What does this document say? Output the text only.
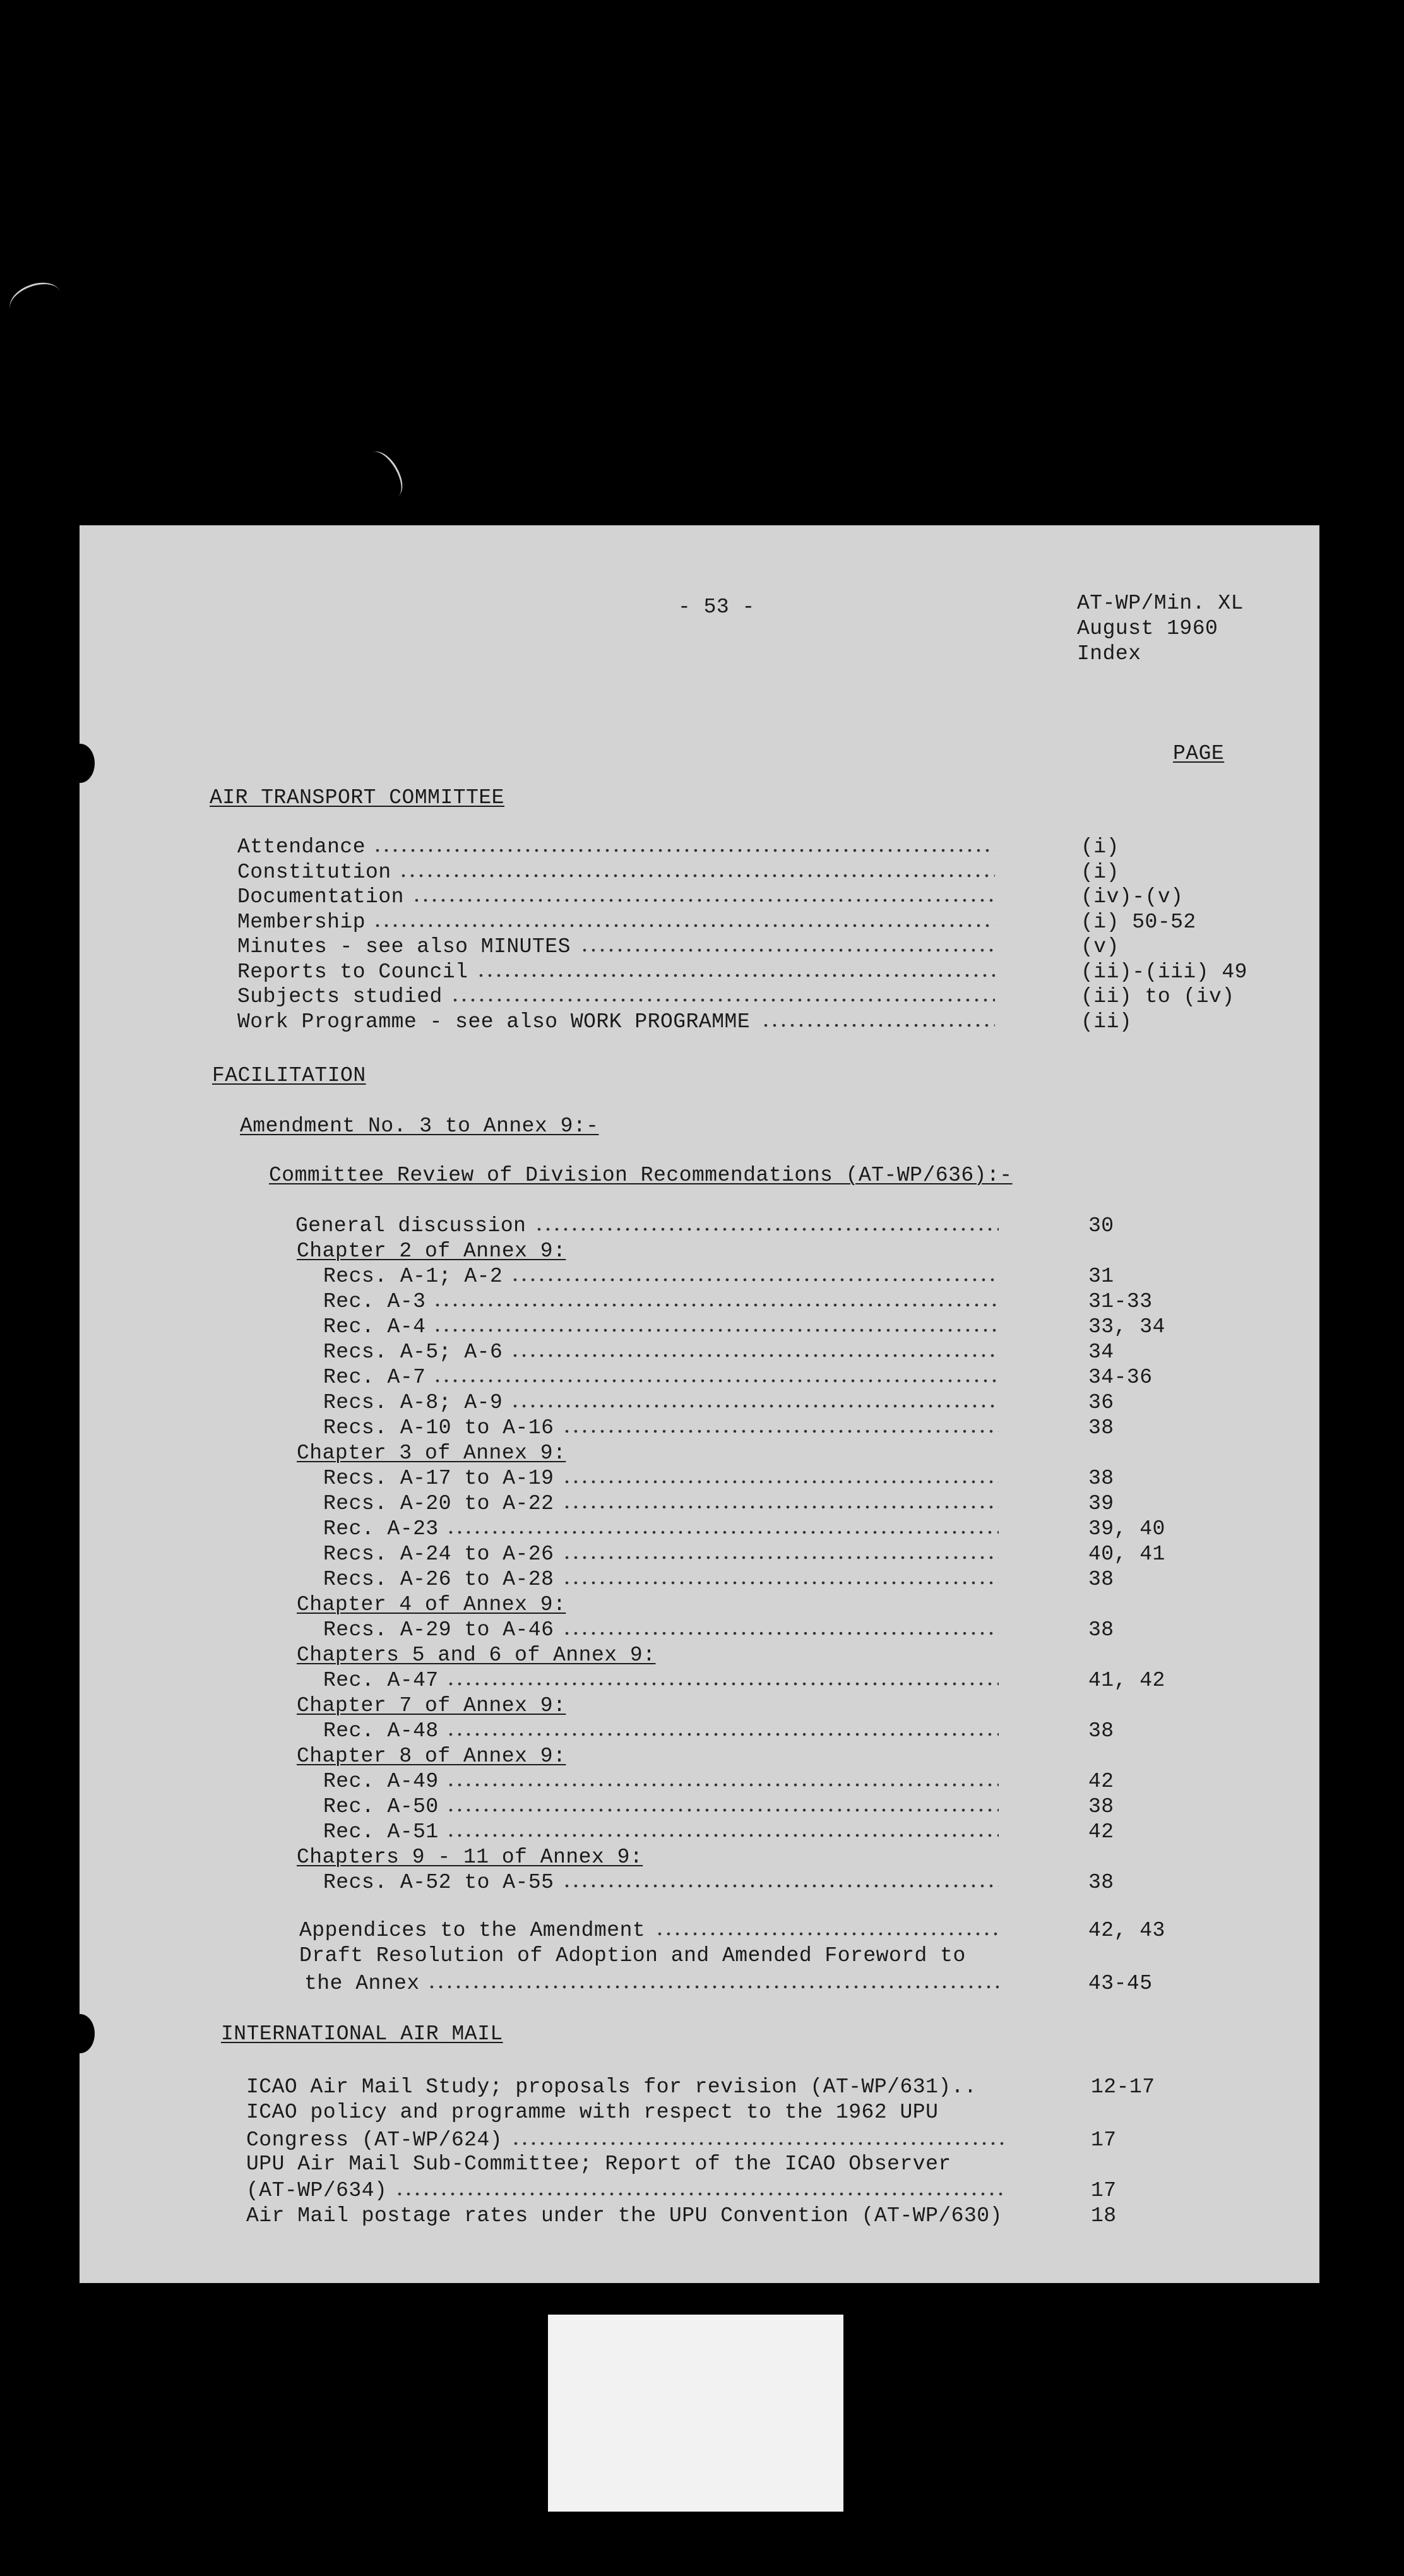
- 53 -	AT-WP/Min. XL
August 1960
Index
PAGE
AIR TRANSPORT COMMITTEE
Attendance	(i)
Constitution	(i)
Documentation	(iv)-(v)
Membership	(i) 50-52
Minutes - see also MINUTES	(v)
Reports to Council	(ii)-(iii) 49
Subjects studied	(ii) to (iv)
Work Programme - see also WORK PROGRAMME	(ii)
FACILITATION
Amendment No. 3 to Annex 9:-
Committee Review of Division Recommendations (AT-WP/636):-
General discussion	30
Chapter 2 of Annex 9:
Recs. A-1; A-2	31
Rec. A-3	31-33
Rec. A-4	33, 34
Recs. A-5; A-6	34
Rec. A-7	34-36
Recs. A-8; A-9	36
Recs. A-10 to A-16	38
Chapter 3 of Annex 9:
Recs. A-17 to A-19	38
Recs. A-20 to A-22	39
Rec. A-23	39, 40
Recs. A-24 to A-26	40, 41
Recs. A-26 to A-28	38
Chapter 4 of Annex 9:
Recs. A-29 to A-46	38
Chapters 5 and 6 of Annex 9:
Rec. A-47	41, 42
Chapter 7 of Annex 9:
Rec. A-48	38
Chapter 8 of Annex 9:
Rec. A-49	42
Rec. A-50	38
Rec. A-51	42
Chapters 9 - 11 of Annex 9:
Recs. A-52 to A-55	38
Appendices to the Amendment	42, 43
Draft Resolution of Adoption and Amended Foreword to
the Annex	43-45
INTERNATIONAL AIR MAIL
ICAO Air Mail Study; proposals for revision (AT-WP/631)..	12-17
ICAO policy and programme with respect to the 1962 UPU
Congress (AT-WP/624)	17
UPU Air Mail Sub-Committee; Report of the ICAO Observer
(AT-WP/634)	17
Air Mail postage rates under the UPU Convention (AT-WP/630)	18
